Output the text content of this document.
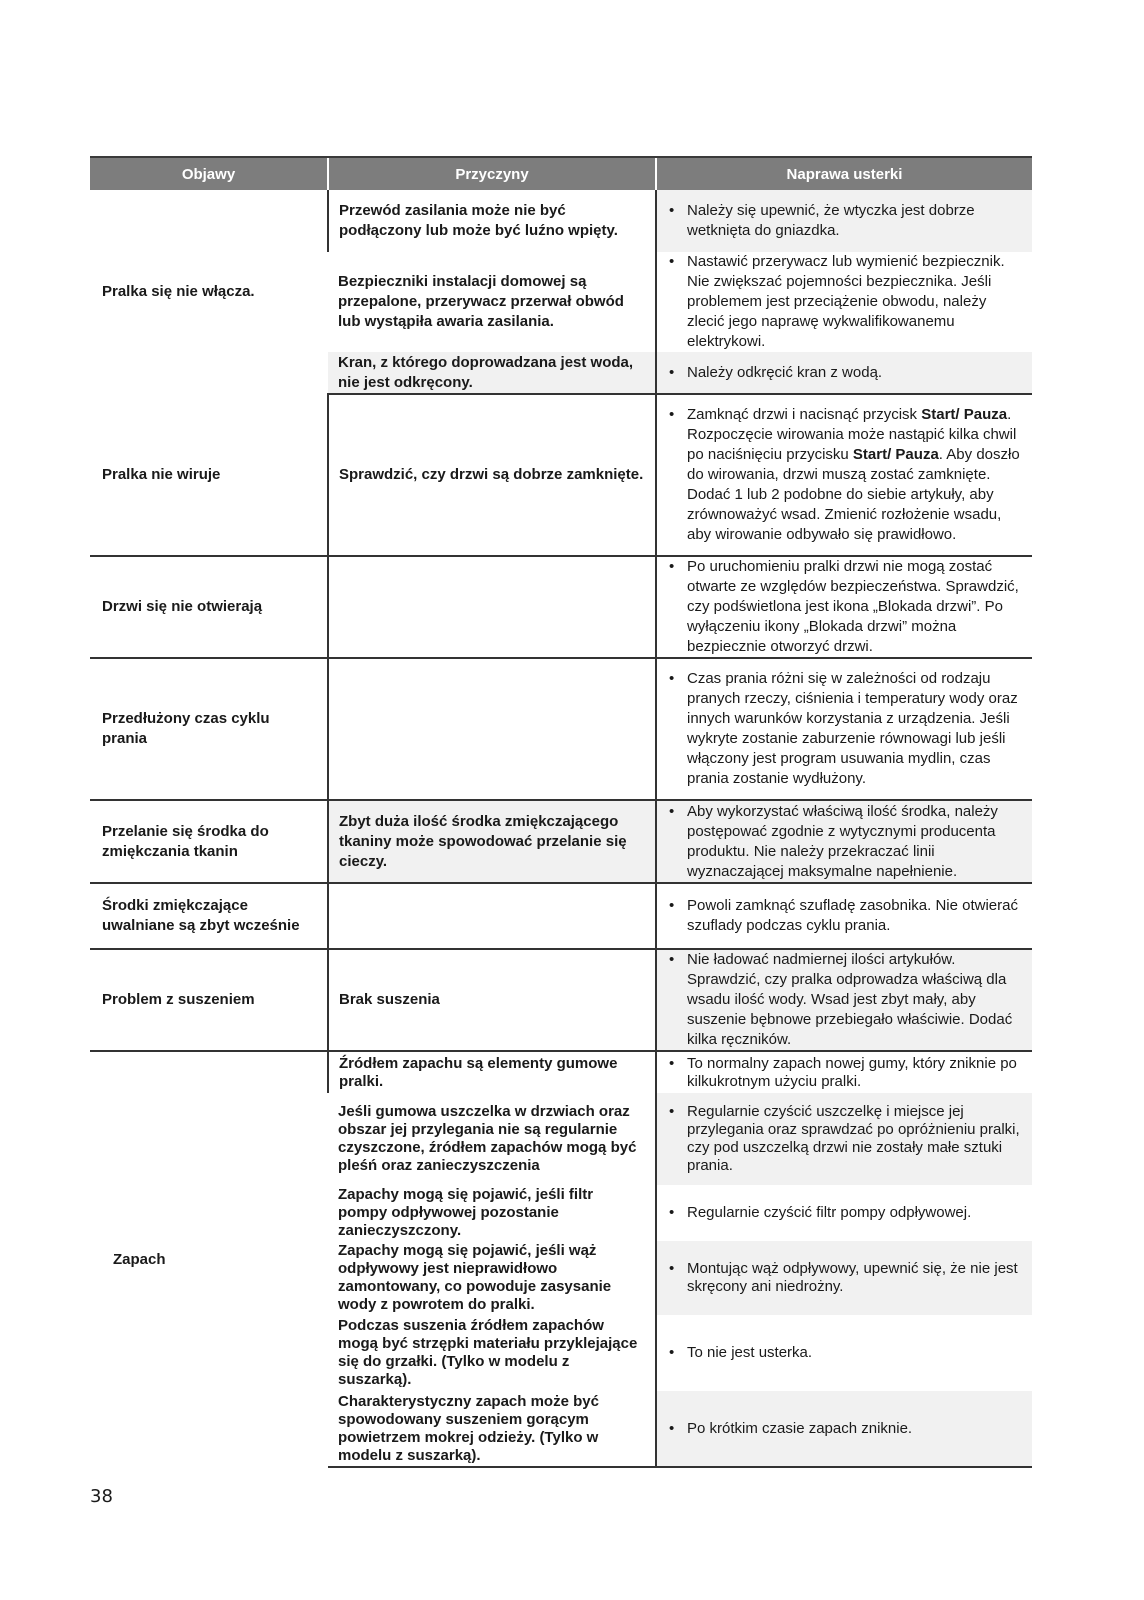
Objawy	Przyczyny	Naprawa usterki
Pralka się nie włącza.	Przewód zasilania może nie być podłączony lub może być luźno wpięty.	• Należy się upewnić, że wtyczka jest dobrze wetknięta do gniazdka.
	Bezpieczniki instalacji domowej są przepalone, przerywacz przerwał obwód lub wystąpiła awaria zasilania.	• Nastawić przerywacz lub wymienić bezpiecznik. Nie zwiększać pojemności bezpiecznika. Jeśli problemem jest przeciążenie obwodu, należy zlecić jego naprawę wykwalifikowanemu elektrykowi.
	Kran, z którego doprowadzana jest woda, nie jest odkręcony.	• Należy odkręcić kran z wodą.
Pralka nie wiruje	Sprawdzić, czy drzwi są dobrze zamknięte.	• Zamknąć drzwi i nacisnąć przycisk Start/ Pauza. Rozpoczęcie wirowania może nastąpić kilka chwil po naciśnięciu przycisku Start/ Pauza. Aby doszło do wirowania, drzwi muszą zostać zamknięte. Dodać 1 lub 2 podobne do siebie artykuły, aby zrównoważyć wsad. Zmienić rozłożenie wsadu, aby wirowanie odbywało się prawidłowo.
Drzwi się nie otwierają		• Po uruchomieniu pralki drzwi nie mogą zostać otwarte ze względów bezpieczeństwa. Sprawdzić, czy podświetlona jest ikona „Blokada drzwi”. Po wyłączeniu ikony „Blokada drzwi” można bezpiecznie otworzyć drzwi.
Przedłużony czas cyklu prania		• Czas prania różni się w zależności od rodzaju pranych rzeczy, ciśnienia i temperatury wody oraz innych warunków korzystania z urządzenia. Jeśli wykryte zostanie zaburzenie równowagi lub jeśli włączony jest program usuwania mydlin, czas prania zostanie wydłużony.
Przelanie się środka do zmiękczania tkanin	Zbyt duża ilość środka zmiękczającego tkaniny może spowodować przelanie się cieczy.	• Aby wykorzystać właściwą ilość środka, należy postępować zgodnie z wytycznymi producenta produktu. Nie należy przekraczać linii wyznaczającej maksymalne napełnienie.
Środki zmiękczające uwalniane są zbyt wcześnie		• Powoli zamknąć szufladę zasobnika. Nie otwierać szuflady podczas cyklu prania.
Problem z suszeniem	Brak suszenia	• Nie ładować nadmiernej ilości artykułów. Sprawdzić, czy pralka odprowadza właściwą dla wsadu ilość wody. Wsad jest zbyt mały, aby suszenie bębnowe przebiegało właściwie. Dodać kilka ręczników.
Zapach	Źródłem zapachu są elementy gumowe pralki.	• To normalny zapach nowej gumy, który zniknie po kilkukrotnym użyciu pralki.
	Jeśli gumowa uszczelka w drzwiach oraz obszar jej przylegania nie są regularnie czyszczone, źródłem zapachów mogą być pleśń oraz zanieczyszczenia	• Regularnie czyścić uszczelkę i miejsce jej przylegania oraz sprawdzać po opróżnieniu pralki, czy pod uszczelką drzwi nie zostały małe sztuki prania.
	Zapachy mogą się pojawić, jeśli filtr pompy odpływowej pozostanie zanieczyszczony.	• Regularnie czyścić filtr pompy odpływowej.
	Zapachy mogą się pojawić, jeśli wąż odpływowy jest nieprawidłowo zamontowany, co powoduje zasysanie wody z powrotem do pralki.	• Montując wąż odpływowy, upewnić się, że nie jest skręcony ani niedrożny.
	Podczas suszenia źródłem zapachów mogą być strzępki materiału przyklejające się do grzałki. (Tylko w modelu z suszarką).	• To nie jest usterka.
	Charakterystyczny zapach może być spowodowany suszeniem gorącym powietrzem mokrej odzieży. (Tylko w modelu z suszarką).	• Po krótkim czasie zapach zniknie.
38
